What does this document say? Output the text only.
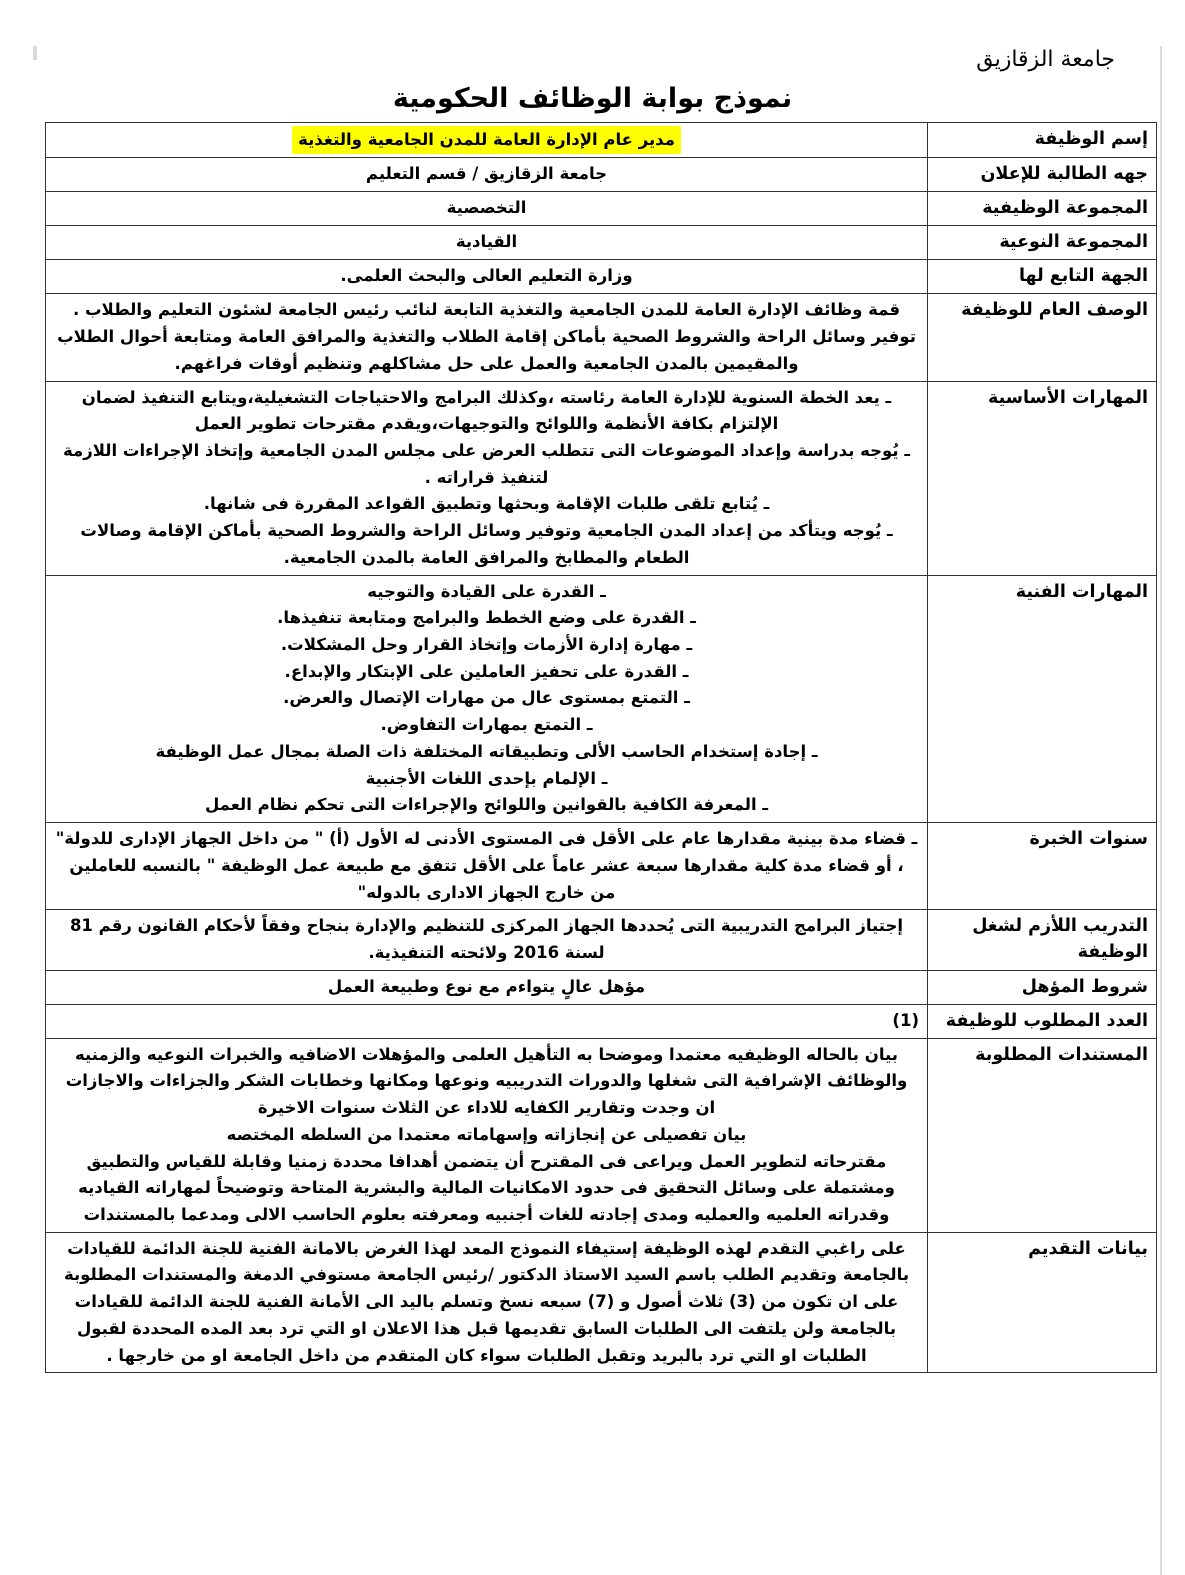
جامعة الزقازيق
نموذج بوابة الوظائف الحكومية
إسم الوظيفة	مدير عام الإدارة العامة للمدن الجامعية والتغذية

جهه الطالبة للإعلان	جامعة الزقازيق / قسم التعليم

المجموعة الوظيفية	التخصصية

المجموعة النوعية	القيادية

الجهة التابع لها	وزارة التعليم العالى والبحث العلمى.

الوصف العام للوظيفة	قمة وظائف الإدارة العامة للمدن الجامعية والتغذية التابعة لنائب رئيس الجامعة لشئون التعليم والطلاب .
توفير وسائل الراحة والشروط الصحية بأماكن إقامة الطلاب والتغذية والمرافق العامة ومتابعة أحوال الطلاب والمقيمين بالمدن الجامعية والعمل على حل مشاكلهم وتنظيم أوقات فراغهم.

المهارات الأساسية	ـ يعد الخطة السنوية للإدارة العامة رئاسته ،وكذلك البرامج والاحتياجات التشغيلية،ويتابع التنفيذ لضمان الإلتزام بكافة الأنظمة واللوائح والتوجيهات،ويقدم مقترحات تطوير العمل
ـ يُوجه بدراسة وإعداد الموضوعات التى تتطلب العرض على مجلس المدن الجامعية وإتخاذ الإجراءات اللازمة لتنفيذ قراراته .
ـ يُتابع تلقى طلبات الإقامة وبحثها وتطبيق القواعد المقررة فى شانها.
ـ يُوجه ويتأكد من إعداد المدن الجامعية وتوفير وسائل الراحة والشروط الصحية بأماكن الإقامة وصالات الطعام والمطابخ والمرافق العامة بالمدن الجامعية.

المهارات الفنية	
ـ القدرة على القيادة والتوجيه
ـ القدرة على وضع الخطط والبرامج ومتابعة تنفيذها.
ـ مهارة إدارة الأزمات وإتخاذ القرار وحل المشكلات.
ـ القدرة على تحفيز العاملين على الإبتكار والإبداع.
ـ التمتع بمستوى عال من مهارات الإتصال والعرض.
ـ التمتع بمهارات التفاوض.
ـ إجادة إستخدام الحاسب الألى وتطبيقاته المختلفة ذات الصلة بمجال عمل الوظيفة
ـ الإلمام بإحدى اللغات الأجنبية
ـ المعرفة الكافية بالقوانين واللوائح والإجراءات التى تحكم نظام العمل

سنوات الخبرة	ـ قضاء مدة بينية مقدارها عام على الأقل فى المستوى الأدنى له الأول (أ) " من داخل الجهاز الإدارى للدولة" ، أو قضاء مدة كلية مقدارها سبعة عشر عاماً على الأقل تتفق مع طبيعة عمل الوظيفة " بالنسبه للعاملين من خارج الجهاز الادارى بالدوله"

التدريب اللأزم لشغل الوظيفة	إجتياز البرامج التدريبية التى يُحددها الجهاز المركزى للتنظيم والإدارة بنجاح وفقاً لأحكام القانون رقم 81 لسنة 2016 ولائحته التنفيذية.

شروط المؤهل	مؤهل عالٍ يتواءم مع نوع وطبيعة العمل

العدد المطلوب للوظيفة	(1)

المستندات المطلوبة	بيان بالحاله الوظيفيه معتمدا وموضحا به التأهيل العلمى والمؤهلات الاضافيه والخبرات النوعيه والزمنيه والوظائف الإشرافية التى شغلها والدورات التدريبيه ونوعها ومكانها وخطابات الشكر والجزاءات والاجازات ان وجدت وتقارير الكفايه للاداء عن الثلاث سنوات الاخيرة
بيان تفصيلى عن إنجازاته وإسهاماته معتمدا من السلطه المختصه
مقترحاته لتطوير العمل ويراعى فى المقترح أن يتضمن أهدافا محددة زمنيا وقابلة للقياس والتطبيق ومشتملة على وسائل التحقيق فى حدود الامكانيات المالية والبشرية المتاحة وتوضيحاً لمهاراته القياديه وقدراته العلميه والعمليه ومدى إجادته للغات أجنبيه ومعرفته بعلوم الحاسب الالى ومدعما بالمستندات

بيانات التقديم	على راغبي التقدم لهذه الوظيفة إستيفاء النموذج المعد لهذا الغرض بالامانة الفنية للجنة الدائمة للقيادات بالجامعة وتقديم الطلب باسم السيد الاستاذ الدكتور /رئيس الجامعة مستوفي الدمغة والمستندات المطلوبة على ان تكون من (3) ثلاث أصول و (7) سبعه نسخ وتسلم باليد الى الأمانة الفنية للجنة الدائمة للقيادات بالجامعة ولن يلتفت الى الطلبات السابق تقديمها قبل هذا الاعلان او التي ترد بعد المده المحددة لقبول الطلبات او التي ترد بالبريد وتقبل الطلبات سواء كان المتقدم من داخل الجامعة او من خارجها .
